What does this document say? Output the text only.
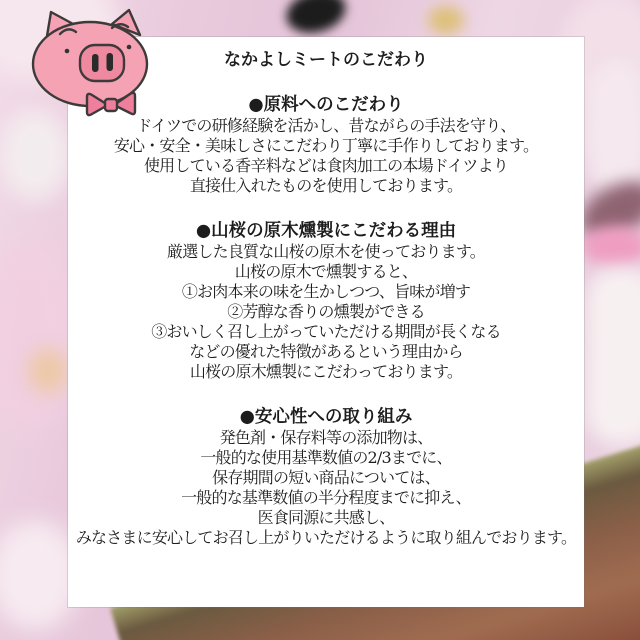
なかよしミートのこだわり
●原料へのこだわり
ドイツでの研修経験を活かし、昔ながらの手法を守り、
安心・安全・美味しさにこだわり丁寧に手作りしております。
使用している香辛料などは食肉加工の本場ドイツより
直接仕入れたものを使用しております。
●山桜の原木燻製にこだわる理由
厳選した良質な山桜の原木を使っております。
山桜の原木で燻製すると、
①お肉本来の味を生かしつつ、旨味が増す
②芳醇な香りの燻製ができる
③おいしく召し上がっていただける期間が長くなる
などの優れた特徴があるという理由から
山桜の原木燻製にこだわっております。
●安心性への取り組み
発色剤・保存料等の添加物は、
一般的な使用基準数値の2/3までに、
保存期間の短い商品については、
一般的な基準数値の半分程度までに抑え、
医食同源に共感し、
みなさまに安心してお召し上がりいただけるように取り組んでおります。
